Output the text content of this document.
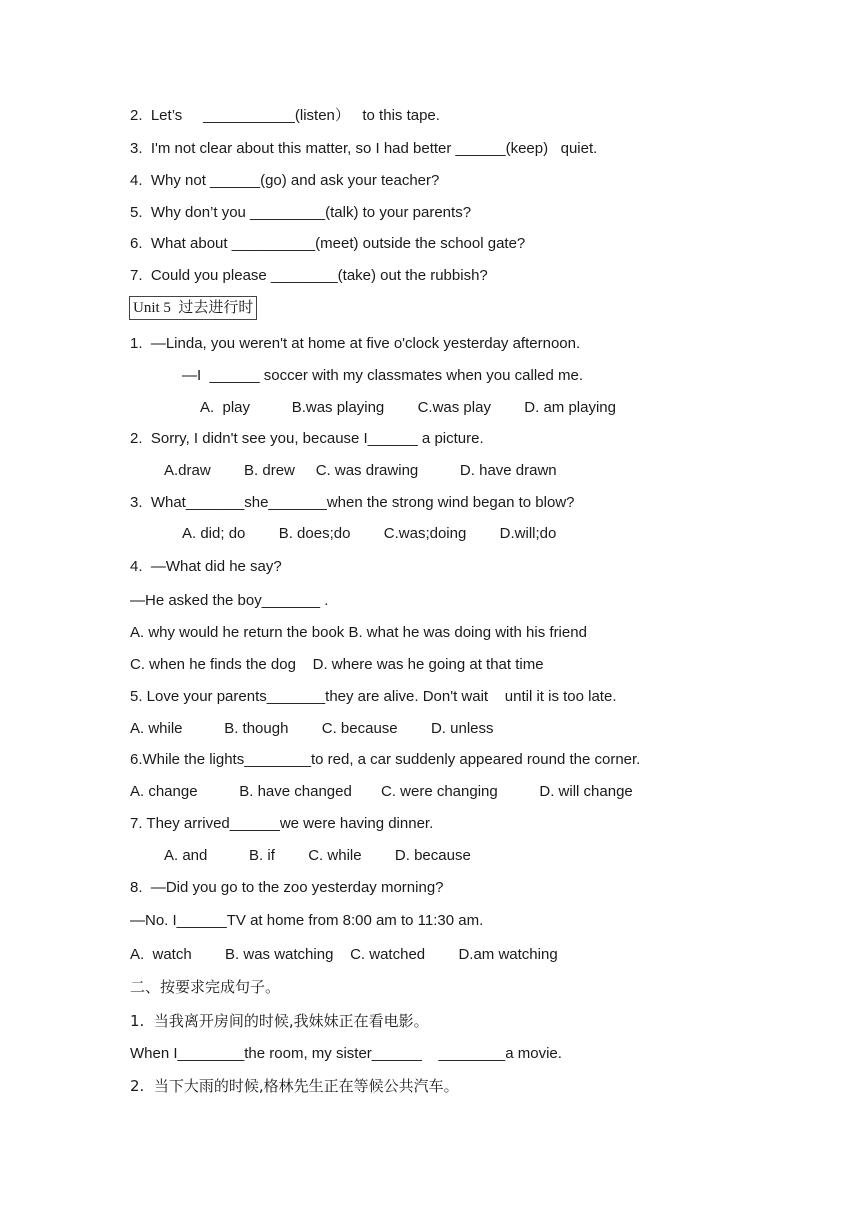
2.  Let’s     ___________(listen）   to this tape.
3.  I'm not clear about this matter, so I had better ______(keep)   quiet.
4.  Why not ______(go) and ask your teacher?
5.  Why don’t you _________(talk) to your parents?
6.  What about __________(meet) outside the school gate?
7.  Could you please ________(take) out the rubbish?
Unit 5  过去进行时
1.  —Linda, you weren't at home at five o'clock yesterday afternoon.
—I  ______ soccer with my classmates when you called me.
A.  play          B.was playing        C.was play        D. am playing
2.  Sorry, I didn't see you, because I______ a picture.
A.draw        B. drew     C. was drawing          D. have drawn
3.  What_______she_______when the strong wind began to blow?
A. did; do        B. does;do        C.was;doing        D.will;do
4.  —What did he say?
—He asked the boy_______ .
A. why would he return the book B. what he was doing with his friend
C. when he finds the dog    D. where was he going at that time
5. Love your parents_______they are alive. Don't wait    until it is too late.
A. while          B. though        C. because        D. unless
6.While the lights________to red, a car suddenly appeared round the corner.
A. change          B. have changed       C. were changing          D. will change
7. They arrived______we were having dinner.
A. and          B. if        C. while        D. because
8.  —Did you go to the zoo yesterday morning?
—No. I______TV at home from 8:00 am to 11:30 am.
A.  watch        B. was watching    C. watched        D.am watching
二、按要求完成句子。
1.  当我离开房间的时候,我妹妹正在看电影。
When I________the room, my sister______    ________a movie.
2.  当下大雨的时候,格林先生正在等候公共汽车。
